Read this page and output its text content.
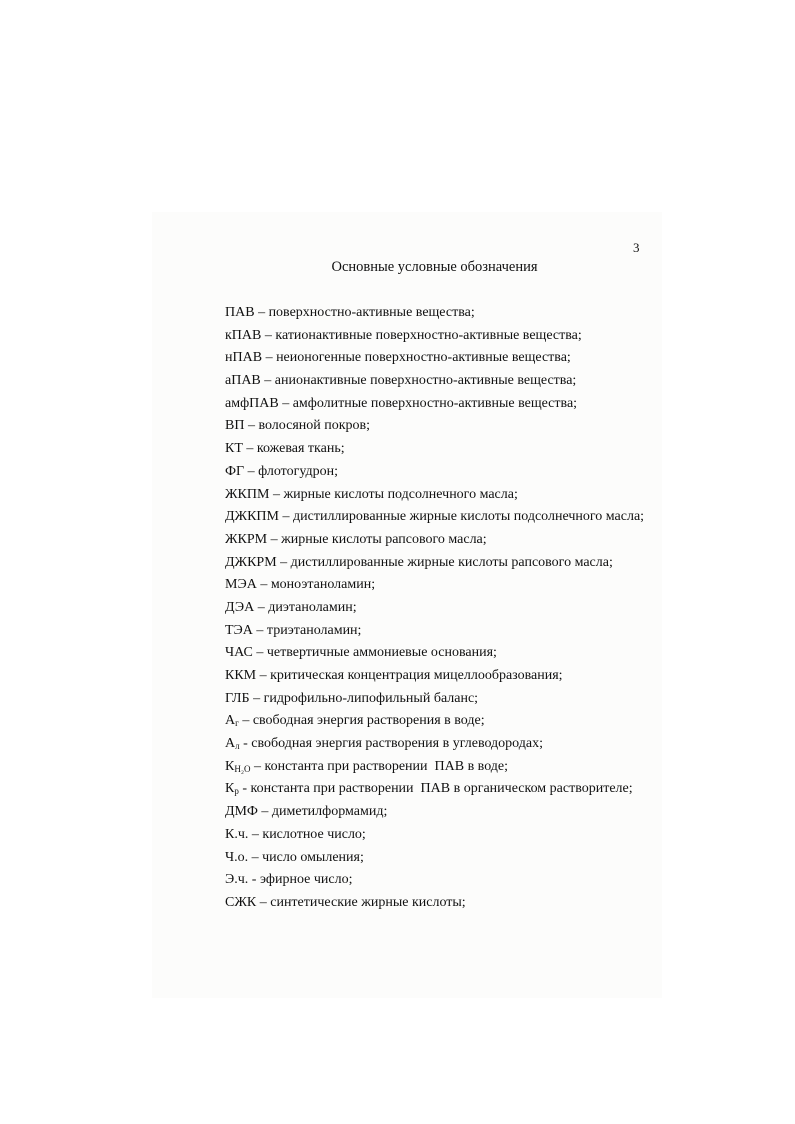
3
Основные условные обозначения
ПАВ – поверхностно-активные вещества;
кПАВ – катионактивные поверхностно-активные вещества;
нПАВ – неионогенные поверхностно-активные вещества;
аПАВ – анионактивные поверхностно-активные вещества;
амфПАВ – амфолитные поверхностно-активные вещества;
ВП – волосяной покров;
КТ – кожевая ткань;
ФГ – флотогудрон;
ЖКПМ – жирные кислоты подсолнечного масла;
ДЖКПМ – дистиллированные жирные кислоты подсолнечного масла;
ЖКРМ – жирные кислоты рапсового масла;
ДЖКРМ – дистиллированные жирные кислоты рапсового масла;
МЭА – моноэтаноламин;
ДЭА – диэтаноламин;
ТЭА – триэтаноламин;
ЧАС – четвертичные аммониевые основания;
ККМ – критическая концентрация мицеллообразования;
ГЛБ – гидрофильно-липофильный баланс;
$А_г$ – свободная энергия растворения в воде;
$А_л$ - свободная энергия растворения в углеводородах;
$К_{H_2O}$ – константа при растворении  ПАВ в воде;
$К_р$ - константа при растворении  ПАВ в органическом растворителе;
ДМФ – диметилформамид;
К.ч. – кислотное число;
Ч.о. – число омыления;
Э.ч. - эфирное число;
СЖК – синтетические жирные кислоты;
